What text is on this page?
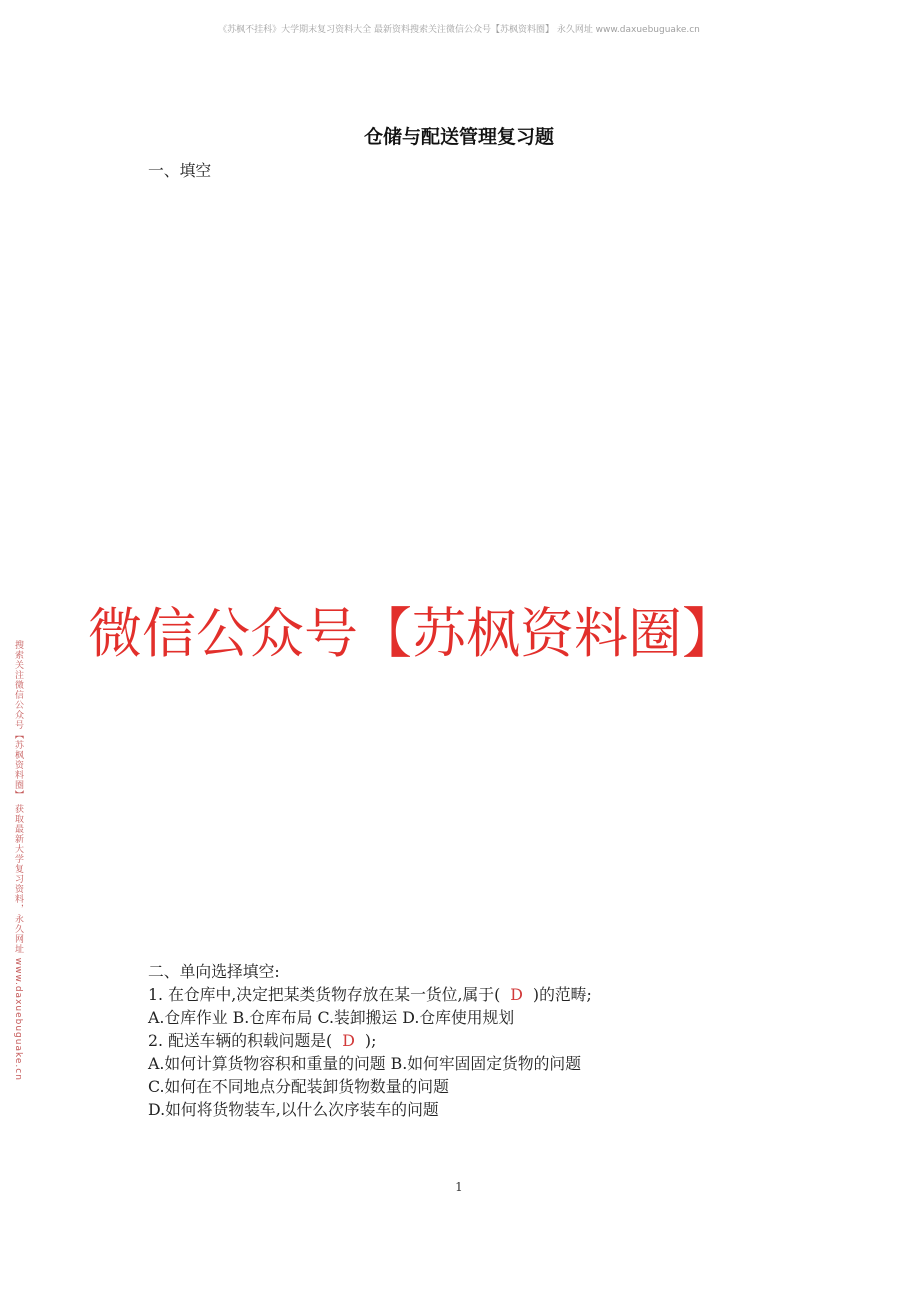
《苏枫不挂科》大学期末复习资料大全 最新资料搜索关注微信公众号【苏枫资料圈】 永久网址 www.daxuebuguake.cn
搜索关注微信公众号【苏枫资料圈】 获取最新大学复习资料，永久网址 www.daxuebuguake.cn
仓储与配送管理复习题
一、填空
二、单向选择填空:
1. 在仓库中,决定把某类货物存放在某一货位,属于( D )的范畴;
A.仓库作业 B.仓库布局 C.装卸搬运 D.仓库使用规划
2. 配送车辆的积载问题是( D );
A.如何计算货物容积和重量的问题 B.如何牢固固定货物的问题
C.如何在不同地点分配装卸货物数量的问题
D.如何将货物装车,以什么次序装车的问题
微信公众号【苏枫资料圈】
1
